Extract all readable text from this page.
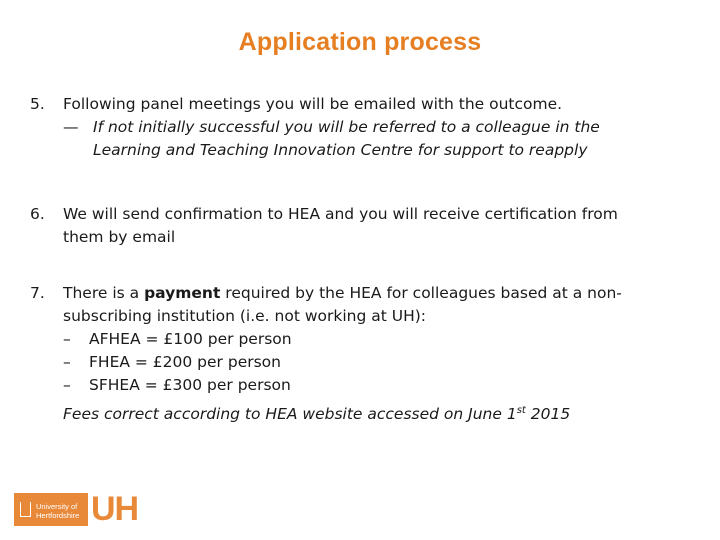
Application process
5.	Following panel meetings you will be emailed with the outcome.
— If not initially successful you will be referred to a colleague in the
Learning and Teaching Innovation Centre for support to reapply
6.	We will send confirmation to HEA and you will receive certification from
them by email
7.	There is a payment required by the HEA for colleagues based at a non-
subscribing institution (i.e. not working at UH):
–	AFHEA = £100 per person
–	FHEA = £200 per person
–	SFHEA = £300 per person
Fees correct according to HEA website accessed on June 1st 2015
University of
Hertfordshire UH
